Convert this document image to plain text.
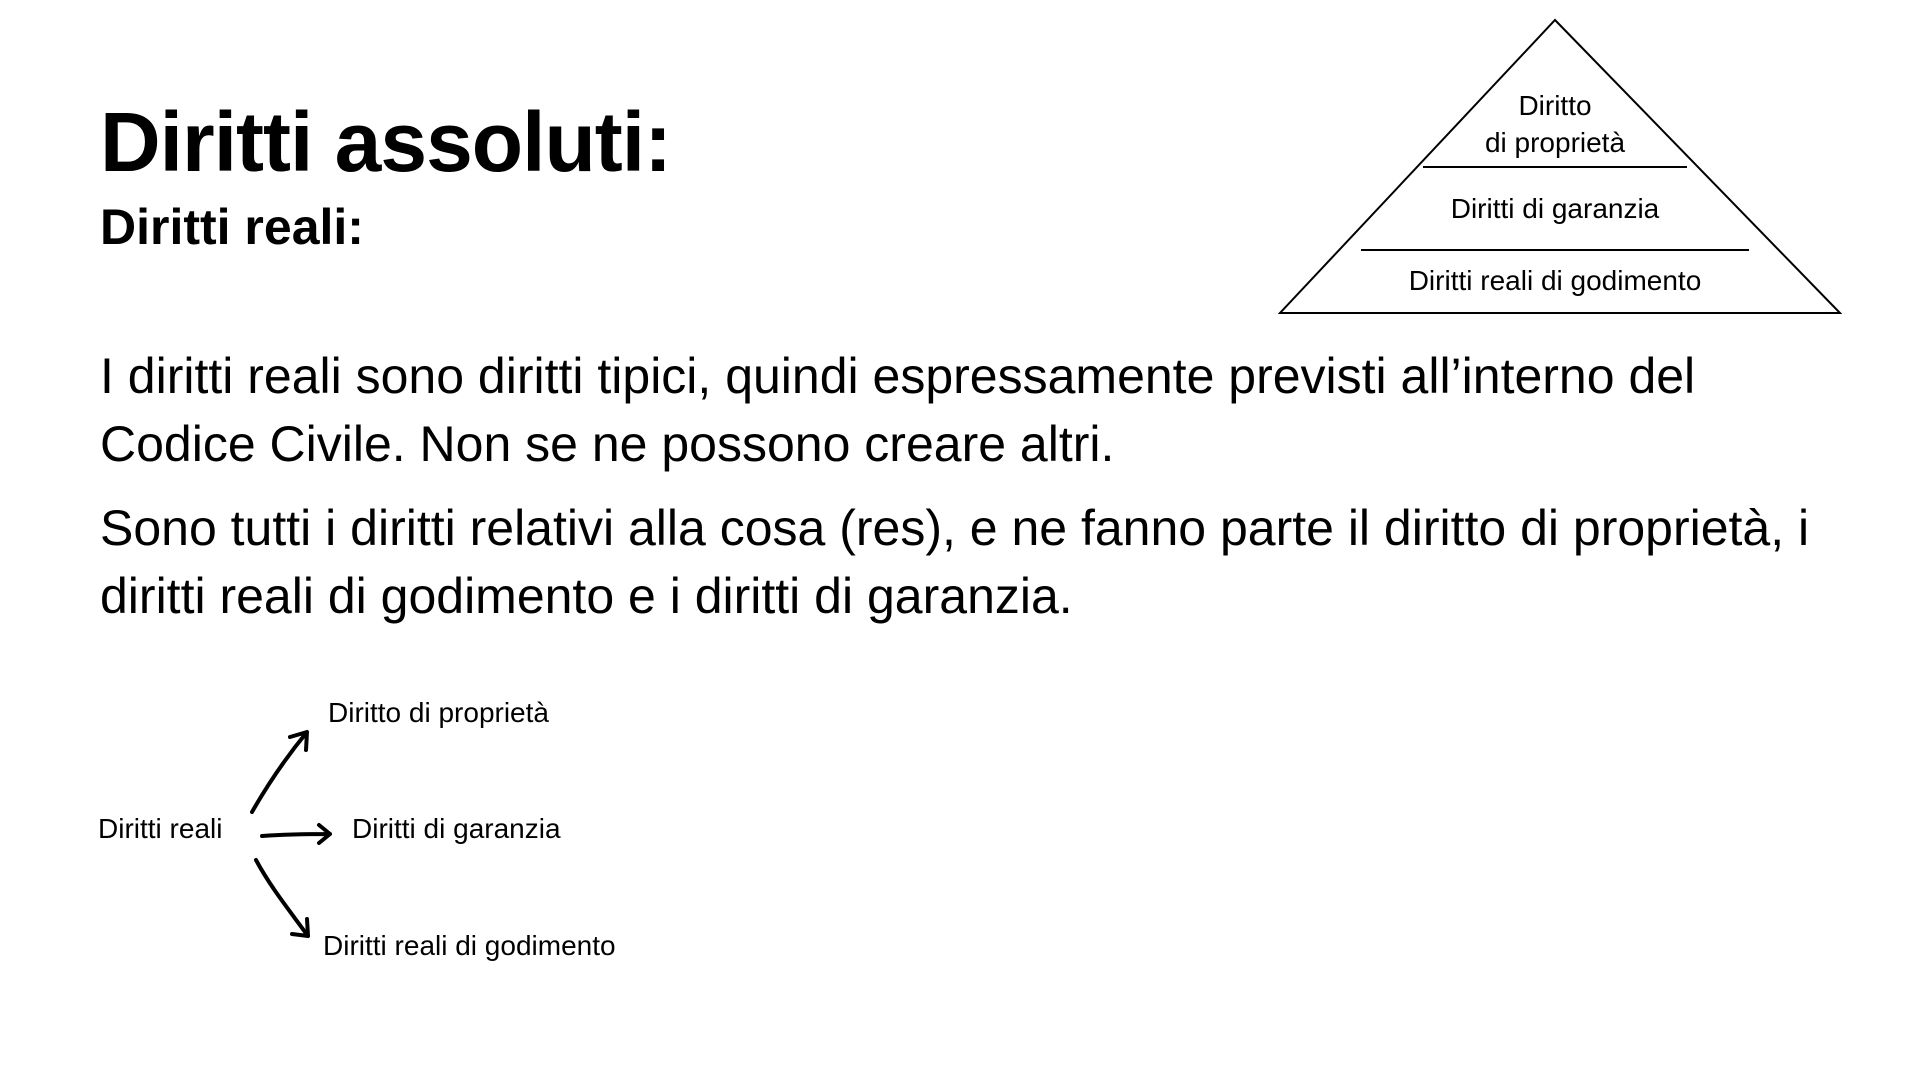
Diritti assoluti:
Diritti reali:

I diritti reali sono diritti tipici, quindi espressamente previsti all’interno del Codice Civile. Non se ne possono creare altri.

Sono tutti i diritti relativi alla cosa (res), e ne fanno parte il diritto di proprietà, i diritti reali di godimento e i diritti di garanzia.

Diritto
di proprietà
Diritti di garanzia
Diritti reali di godimento
Diritti reali
Diritto di proprietà
Diritti di garanzia
Diritti reali di godimento
